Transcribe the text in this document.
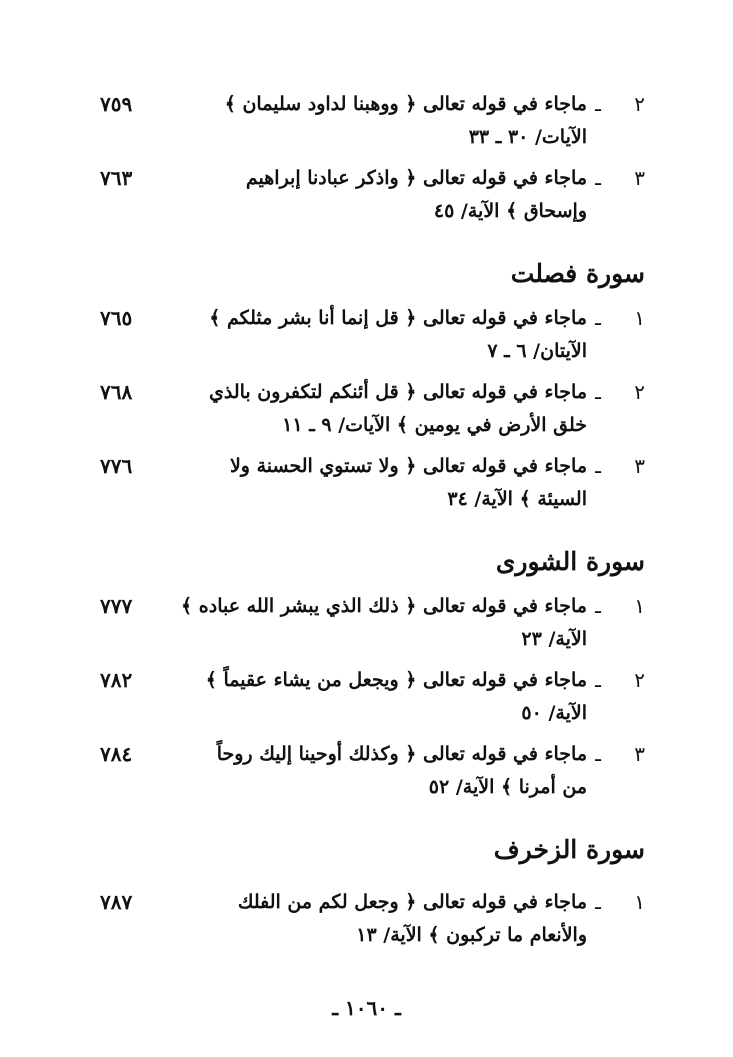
٢
ـ
ماجاء في قوله تعالى ﴿ ووهبنا لداود سليمان ﴾
الآيات/ ٣٠ ـ ٣٣
٧٥٩
٣
ـ
ماجاء في قوله تعالى ﴿ واذكر عبادنا إبراهيم
وإسحاق ﴾ الآية/ ٤٥
٧٦٣
سورة فصلت
١
ـ
ماجاء في قوله تعالى ﴿ قل إنما أنا بشر مثلكم ﴾
الآيتان/ ٦ ـ ٧
٧٦٥
٢
ـ
ماجاء في قوله تعالى ﴿ قل أئنكم لتكفرون بالذي
خلق الأرض في يومين ﴾ الآيات/ ٩ ـ ١١
٧٦٨
٣
ـ
ماجاء في قوله تعالى ﴿ ولا تستوي الحسنة ولا
السيئة ﴾ الآية/ ٣٤
٧٧٦
سورة الشورى
١
ـ
ماجاء في قوله تعالى ﴿ ذلك الذي يبشر الله عباده ﴾
الآية/ ٢٣
٧٧٧
٢
ـ
ماجاء في قوله تعالى ﴿ ويجعل من يشاء عقيماً ﴾
الآية/ ٥٠
٧٨٢
٣
ـ
ماجاء في قوله تعالى ﴿ وكذلك أوحينا إليك روحاً
من أمرنا ﴾ الآية/ ٥٢
٧٨٤
سورة الزخرف
١
ـ
ماجاء في قوله تعالى ﴿ وجعل لكم من الفلك
والأنعام ما تركبون ﴾ الآية/ ١٣
٧٨٧
ـ ١٠٦٠ ـ
